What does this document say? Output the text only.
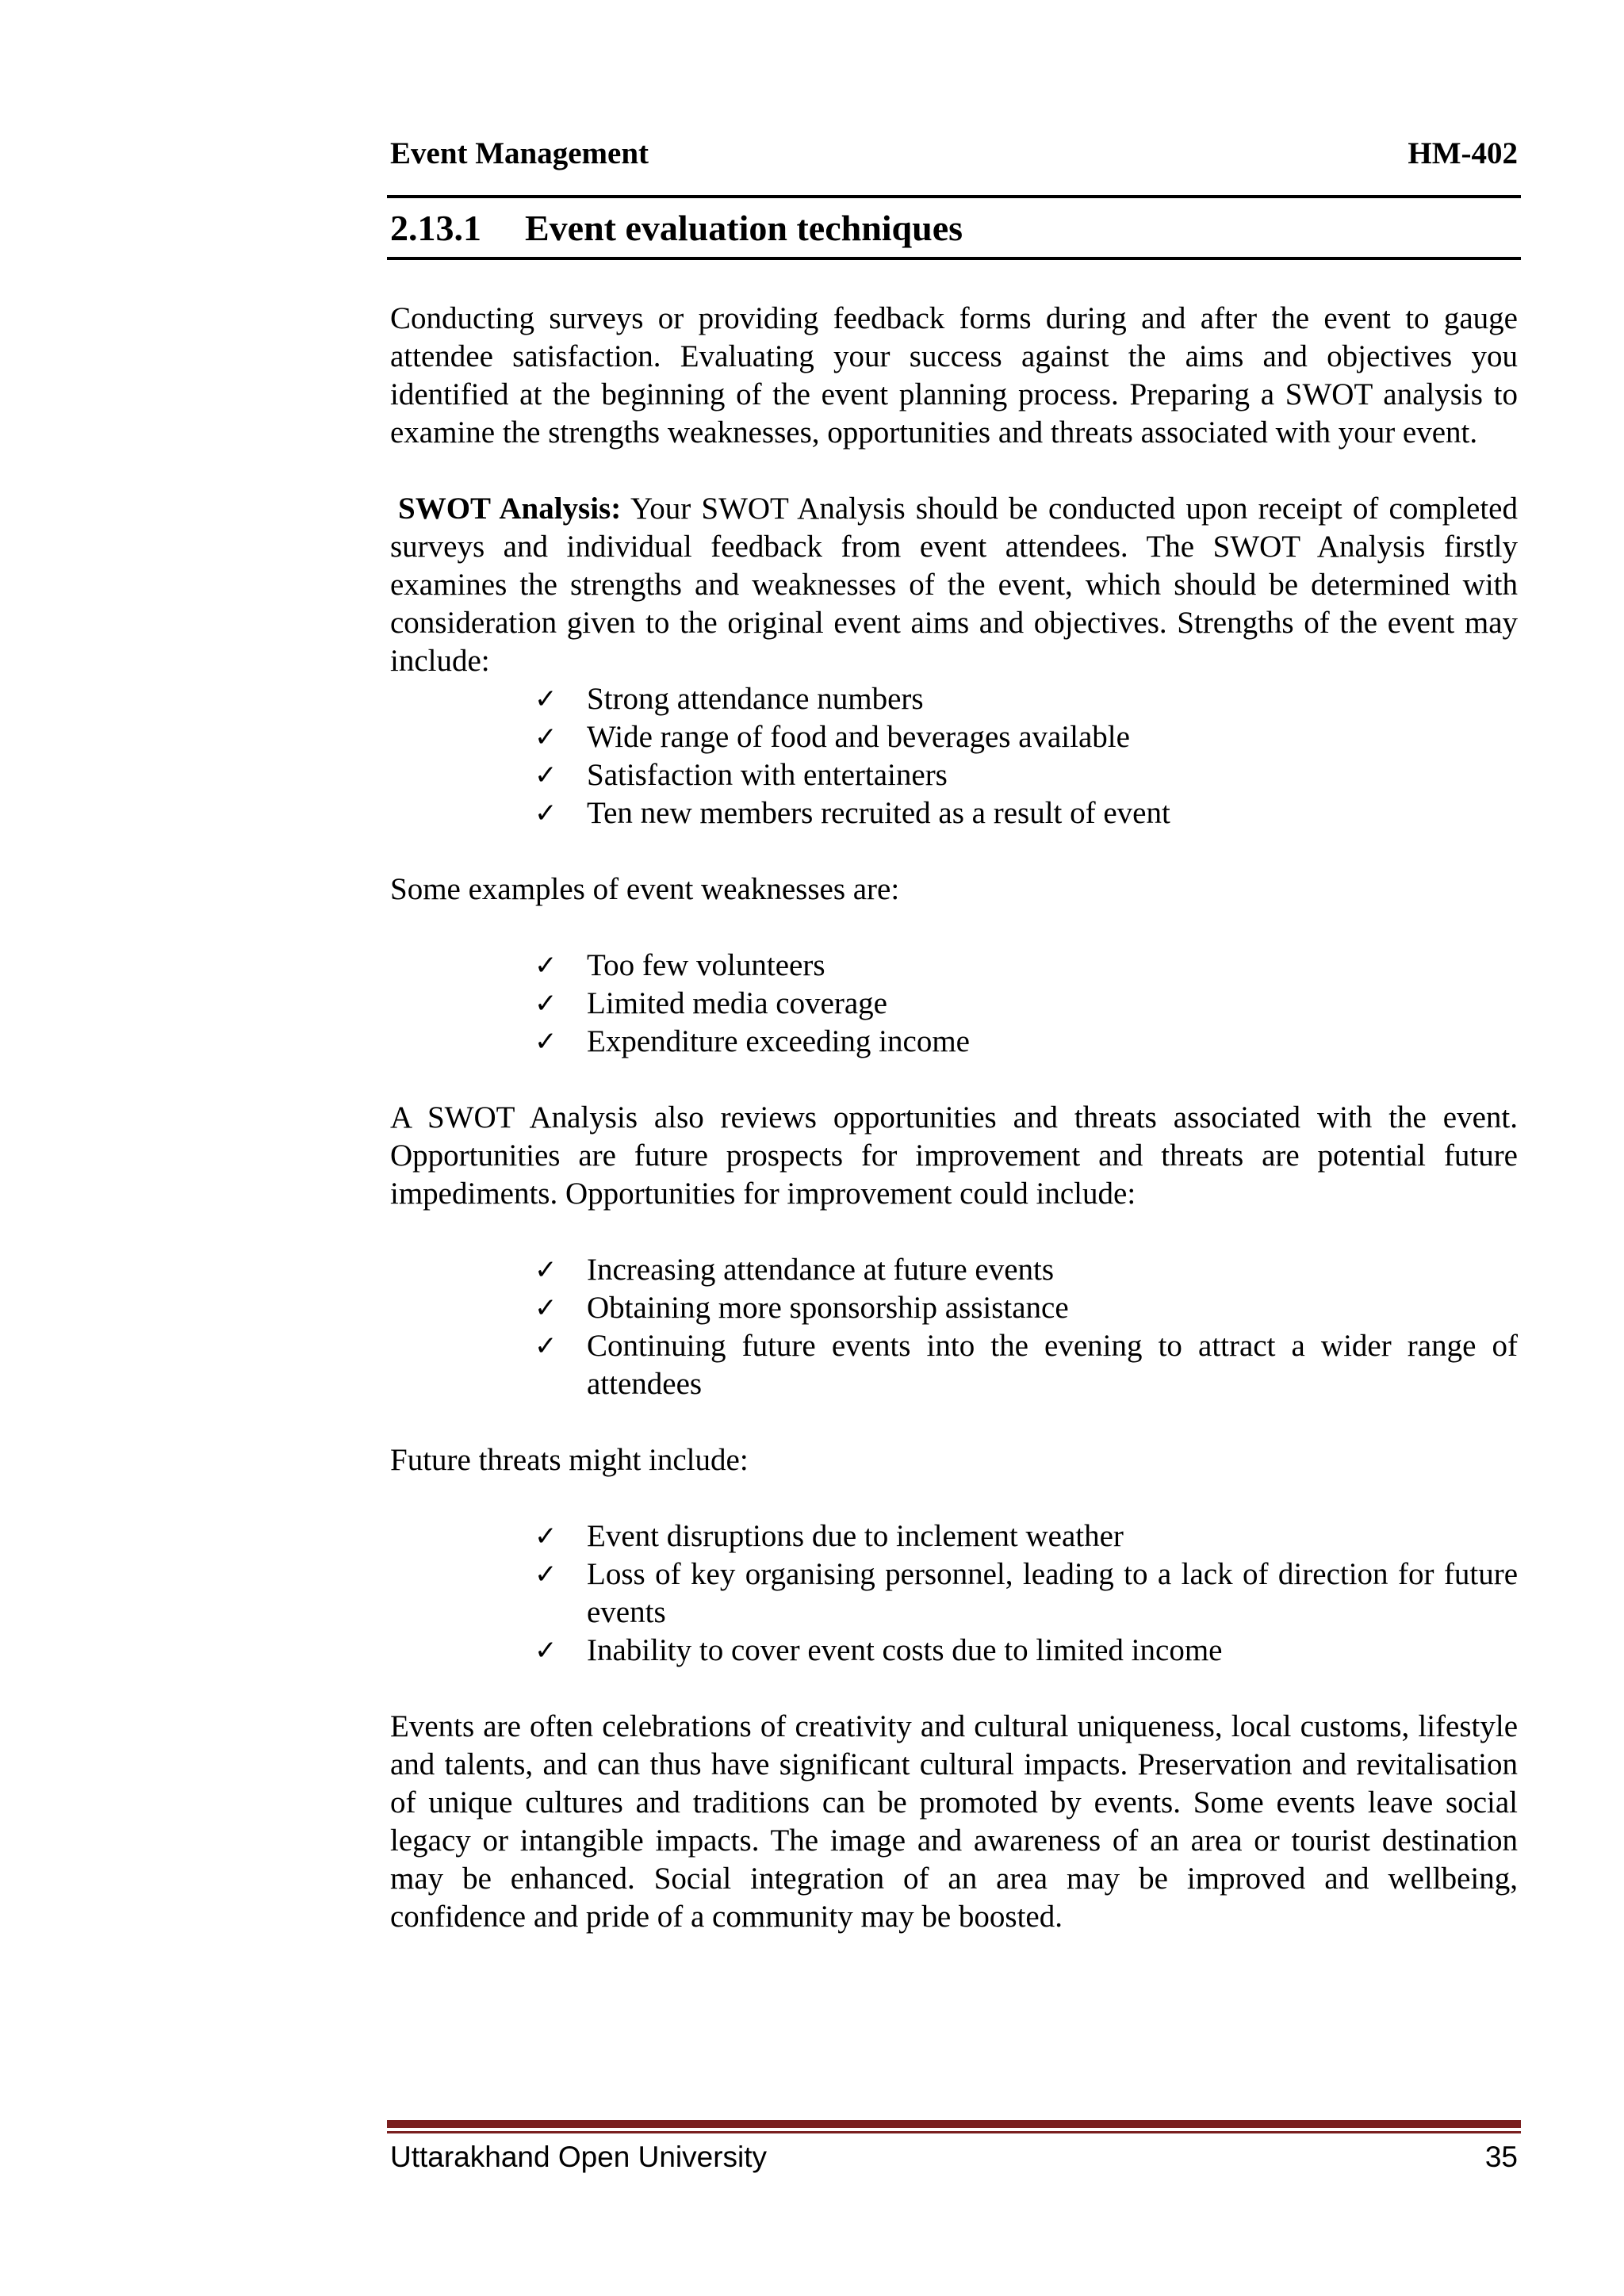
Event Management	HM-402
2.13.1 Event evaluation techniques

Conducting surveys or providing feedback forms during and after the event to gauge attendee satisfaction. Evaluating your success against the aims and objectives you identified at the beginning of the event planning process. Preparing a SWOT analysis to examine the strengths weaknesses, opportunities and threats associated with your event.

SWOT Analysis: Your SWOT Analysis should be conducted upon receipt of completed surveys and individual feedback from event attendees. The SWOT Analysis firstly examines the strengths and weaknesses of the event, which should be determined with consideration given to the original event aims and objectives. Strengths of the event may include:

✓ Strong attendance numbers
✓ Wide range of food and beverages available
✓ Satisfaction with entertainers
✓ Ten new members recruited as a result of event

Some examples of event weaknesses are:

✓ Too few volunteers
✓ Limited media coverage
✓ Expenditure exceeding income

A SWOT Analysis also reviews opportunities and threats associated with the event. Opportunities are future prospects for improvement and threats are potential future impediments. Opportunities for improvement could include:

✓ Increasing attendance at future events
✓ Obtaining more sponsorship assistance
✓ Continuing future events into the evening to attract a wider range of attendees

Future threats might include:

✓ Event disruptions due to inclement weather
✓ Loss of key organising personnel, leading to a lack of direction for future events
✓ Inability to cover event costs due to limited income

Events are often celebrations of creativity and cultural uniqueness, local customs, lifestyle and talents, and can thus have significant cultural impacts. Preservation and revitalisation of unique cultures and traditions can be promoted by events. Some events leave social legacy or intangible impacts. The image and awareness of an area or tourist destination may be enhanced. Social integration of an area may be improved and wellbeing, confidence and pride of a community may be boosted.

Uttarakhand Open University	35
